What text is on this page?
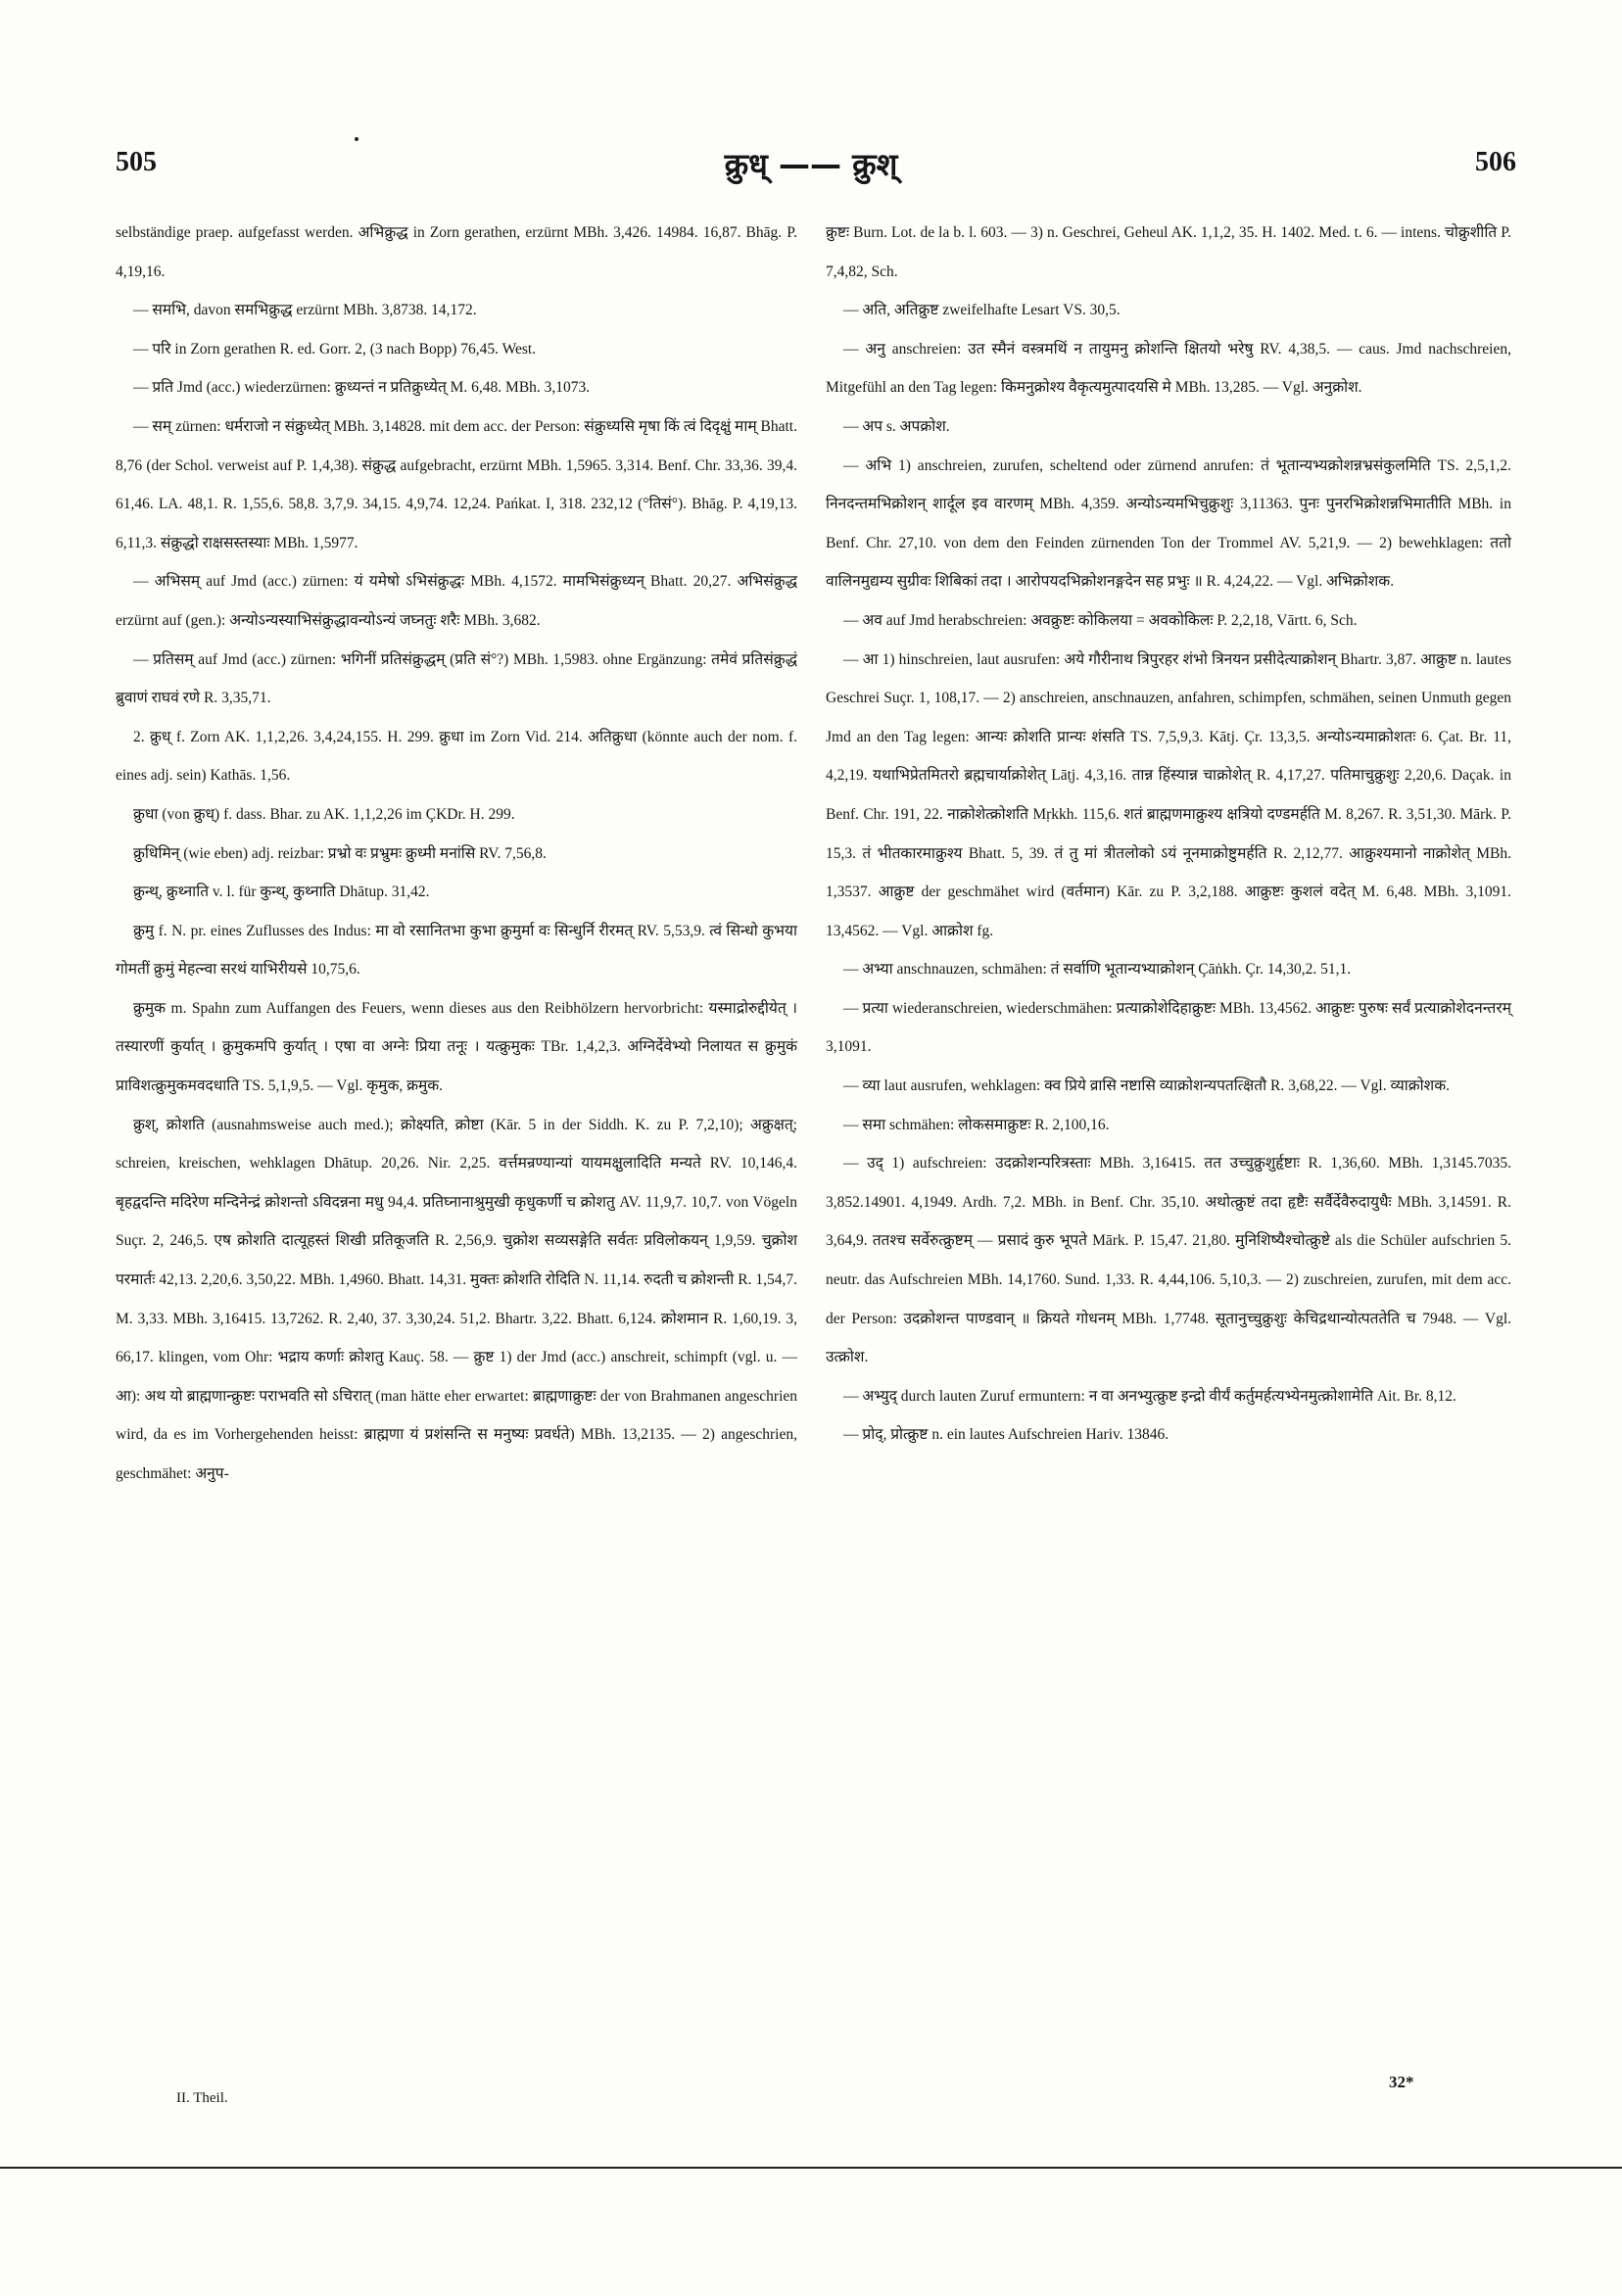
505	क्रुध् —— क्रुश्	506

selbständige praep. aufgefasst werden. अभिक्रुद्ध in Zorn gerathen, erzürnt MBh. 3,426. 14984. 16,87. Bhāg. P. 4,19,16.

— समभि, davon समभिक्रुद्ध erzürnt MBh. 3,8738. 14,172.

— परि in Zorn gerathen R. ed. Gorr. 2, (3 nach Bopp) 76,45. West.

— प्रति Jmd (acc.) wiederzürnen: क्रुध्यन्तं न प्रतिक्रुध्येत् M. 6,48. MBh. 3,1073.

— सम् zürnen: धर्मराजो न संक्रुध्येत् MBh. 3,14828. mit dem acc. der Person: संक्रुध्यसि मृषा किं त्वं दिदृक्षुं माम् Bhatt. 8,76 (der Schol. verweist auf P. 1,4,38). संक्रुद्ध aufgebracht, erzürnt MBh. 1,5965. 3,314. Benf. Chr. 33,36. 39,4. 61,46. LA. 48,1. R. 1,55,6. 58,8. 3,7,9. 34,15. 4,9,74. 12,24. Pańkat. I, 318. 232,12 (°तिसं°). Bhāg. P. 4,19,13. 6,11,3. संक्रुद्धो राक्षसस्तस्याः MBh. 1,5977.

— अभिसम् auf Jmd (acc.) zürnen: यं यमेषो ऽभिसंक्रुद्धः MBh. 4,1572. मामभिसंक्रुध्यन् Bhatt. 20,27. अभिसंक्रुद्ध erzürnt auf (gen.): अन्योऽन्यस्याभिसंक्रुद्धावन्योऽन्यं जघ्नतुः शरैः MBh. 3,682.

— प्रतिसम् auf Jmd (acc.) zürnen: भगिनीं प्रतिसंक्रुद्धम् (प्रति सं°?) MBh. 1,5983. ohne Ergänzung: तमेवं प्रतिसंक्रुद्धं ब्रुवाणं राघवं रणे R. 3,35,71.

2. क्रुध् f. Zorn AK. 1,1,2,26. 3,4,24,155. H. 299. क्रुधा im Zorn Vid. 214. अतिक्रुधा (könnte auch der nom. f. eines adj. sein) Kathās. 1,56.

क्रुधा (von क्रुध्) f. dass. Bhar. zu AK. 1,1,2,26 im ÇKDr. H. 299.

क्रुधिमिन् (wie eben) adj. reizbar: प्रभ्रो वः प्रभ्रुमः क्रुध्मी मनांसि RV. 7,56,8.

क्रुन्थ्, क्रुथ्नाति v. l. für कुन्थ्, कुथ्नाति Dhātup. 31,42.

क्रुमु f. N. pr. eines Zuflusses des Indus: मा वो रसानितभा कुभा क्रुमुर्मा वः सिन्धुर्नि रीरमत् RV. 5,53,9. त्वं सिन्धो कुभया गोमतीं क्रुमुं मेहत्न्वा सरथं याभिरीयसे 10,75,6.

क्रुमुक m. Spahn zum Auffangen des Feuers, wenn dieses aus den Reibhölzern hervorbricht: यस्माद्रोरुद्दीयेत् । तस्यारणीं कुर्यात् । क्रुमुकमपि कुर्यात् । एषा वा अग्नेः प्रिया तनूः । यत्क्रुमुकः TBr. 1,4,2,3. अग्निर्देवेभ्यो निलायत स क्रुमुकं प्राविशत्क्रुमुकमवदधाति TS. 5,1,9,5. — Vgl. कृमुक, क्रमुक.

क्रुश्, क्रोशति (ausnahmsweise auch med.); क्रोक्ष्यति, क्रोष्टा (Kār. 5 in der Siddh. K. zu P. 7,2,10); अक्रुक्षत्; schreien, kreischen, wehklagen Dhātup. 20,26. Nir. 2,25. वर्त्तमन्रण्यान्यां यायमक्षुलादिति मन्यते RV. 10,146,4. बृहद्वदन्ति मदिरेण मन्दिनेन्द्रं क्रोशन्तो ऽविदन्नना मधु 94,4. प्रतिघ्नानाश्रुमुखी कृधुकर्णी च क्रोशतु AV. 11,9,7. 10,7. von Vögeln Suçr. 2, 246,5. एष क्रोशति दात्यूहस्तं शिखी प्रतिकूजति R. 2,56,9. चुक्रोश सव्यसङ्गेति सर्वतः प्रविलोकयन् 1,9,59. चुक्रोश परमार्तः 42,13. 2,20,6. 3,50,22. MBh. 1,4960. Bhatt. 14,31. मुक्तः क्रोशति रोदिति N. 11,14. रुदती च क्रोशन्ती R. 1,54,7. M. 3,33. MBh. 3,16415. 13,7262. R. 2,40, 37. 3,30,24. 51,2. Bhartr. 3,22. Bhatt. 6,124. क्रोशमान R. 1,60,19. 3, 66,17. klingen, vom Ohr: भद्राय कर्णाः क्रोशतु Kauç. 58. — क्रुष्ट 1) der Jmd (acc.) anschreit, schimpft (vgl. u. — आ): अथ यो ब्राह्मणान्क्रुष्टः पराभवति सो ऽचिरात् (man hätte eher erwartet: ब्राह्मणाक्रुष्टः der von Brahmanen angeschrien wird, da es im Vorhergehenden heisst: ब्राह्मणा यं प्रशंसन्ति स मनुष्यः प्रवर्धते) MBh. 13,2135. — 2) angeschrien, geschmähet: अनुप-

क्रुष्टः Burn. Lot. de la b. l. 603. — 3) n. Geschrei, Geheul AK. 1,1,2, 35. H. 1402. Med. t. 6. — intens. चोक्रुशीति P. 7,4,82, Sch.

— अति, अतिक्रुष्ट zweifelhafte Lesart VS. 30,5.

— अनु anschreien: उत स्मैनं वस्त्रमथिं न तायुमनु क्रोशन्ति क्षितयो भरेषु RV. 4,38,5. — caus. Jmd nachschreien, Mitgefühl an den Tag legen: किमनुक्रोश्य वैकृत्यमुत्पादयसि मे MBh. 13,285. — Vgl. अनुक्रोश.

— अप s. अपक्रोश.

— अभि 1) anschreien, zurufen, scheltend oder zürnend anrufen: तं भूतान्यभ्यक्रोशन्नभ्रसंकुलमिति TS. 2,5,1,2. निनदन्तमभिक्रोशन् शार्दूल इव वारणम् MBh. 4,359. अन्योऽन्यमभिचुक्रुशुः 3,11363. पुनः पुनरभिक्रोशन्नभिमातीति MBh. in Benf. Chr. 27,10. von dem den Feinden zürnenden Ton der Trommel AV. 5,21,9. — 2) bewehklagen: ततो वालिनमुद्यम्य सुग्रीवः शिबिकां तदा । आरोपयदभिक्रोशनङ्गदेन सह प्रभुः ॥ R. 4,24,22. — Vgl. अभिक्रोशक.

— अव auf Jmd herabschreien: अवक्रुष्टः कोकिलया = अवकोकिलः P. 2,2,18, Vārtt. 6, Sch.

— आ 1) hinschreien, laut ausrufen: अये गौरीनाथ त्रिपुरहर शंभो त्रिनयन प्रसीदेत्याक्रोशन् Bhartr. 3,87. आक्रुष्ट n. lautes Geschrei Suçr. 1, 108,17. — 2) anschreien, anschnauzen, anfahren, schimpfen, schmähen, seinen Unmuth gegen Jmd an den Tag legen: आन्यः क्रोशति प्रान्यः शंसति TS. 7,5,9,3. Kātj. Çr. 13,3,5. अन्योऽन्यमाक्रोशतः 6. Çat. Br. 11, 4,2,19. यथाभिप्रेतमितरो ब्रह्मचार्याक्रोशेत् Lāṭj. 4,3,16. तान्न हिंस्यान्न चाक्रोशेत् R. 4,17,27. पतिमाचुक्रुशुः 2,20,6. Daçak. in Benf. Chr. 191, 22. नाक्रोशेत्क्रोशति Mṛkkh. 115,6. शतं ब्राह्मणमाक्रुश्य क्षत्रियो दण्डमर्हति M. 8,267. R. 3,51,30. Mārk. P. 15,3. तं भीतकारमाक्रुश्य Bhatt. 5, 39. तं तु मां त्रीतलोको ऽयं नूनमाक्रोष्टुमर्हति R. 2,12,77. आक्रुश्यमानो नाक्रोशेत् MBh. 1,3537. आक्रुष्ट der geschmähet wird (वर्तमान) Kār. zu P. 3,2,188. आक्रुष्टः कुशलं वदेत् M. 6,48. MBh. 3,1091. 13,4562. — Vgl. आक्रोश fg.

— अभ्या anschnauzen, schmähen: तं सर्वाणि भूतान्यभ्याक्रोशन् Çāṅkh. Çr. 14,30,2. 51,1.

— प्रत्या wiederanschreien, wiederschmähen: प्रत्याक्रोशेदिहाक्रुष्टः MBh. 13,4562. आक्रुष्टः पुरुषः सर्वं प्रत्याक्रोशेदनन्तरम् 3,1091.

— व्या laut ausrufen, wehklagen: क्व प्रिये व्रासि नष्टासि व्याक्रोशन्यपतत्क्षितौ R. 3,68,22. — Vgl. व्याक्रोशक.

— समा schmähen: लोकसमाक्रुष्टः R. 2,100,16.

— उद् 1) aufschreien: उदक्रोशन्परित्रस्ताः MBh. 3,16415. तत उच्चुक्रुशुर्हृष्टाः R. 1,36,60. MBh. 1,3145.7035. 3,852.14901. 4,1949. Ardh. 7,2. MBh. in Benf. Chr. 35,10. अथोत्क्रुष्टं तदा हृष्टैः सर्वैर्देवैरुदायुधैः MBh. 3,14591. R. 3,64,9. ततश्च सर्वेरुत्क्रुष्टम् — प्रसादं कुरु भूपते Mārk. P. 15,47. 21,80. मुनिशिष्यैश्चोत्क्रुष्टे als die Schüler aufschrien 5. neutr. das Aufschreien MBh. 14,1760. Sund. 1,33. R. 4,44,106. 5,10,3. — 2) zuschreien, zurufen, mit dem acc. der Person: उदक्रोशन्त पाण्डवान् ॥ क्रियते गोधनम् MBh. 1,7748. सूतानुच्चुक्रुशुः केचिद्रथान्योत्पततेति च 7948. — Vgl. उत्क्रोश.

— अभ्युद् durch lauten Zuruf ermuntern: न वा अनभ्युत्क्रुष्ट इन्द्रो वीर्यं कर्तुमर्हत्यभ्येनमुत्क्रोशामेति Ait. Br. 8,12.

— प्रोद्, प्रोत्क्रुष्ट n. ein lautes Aufschreien Hariv. 13846.

II. Theil.
32*
